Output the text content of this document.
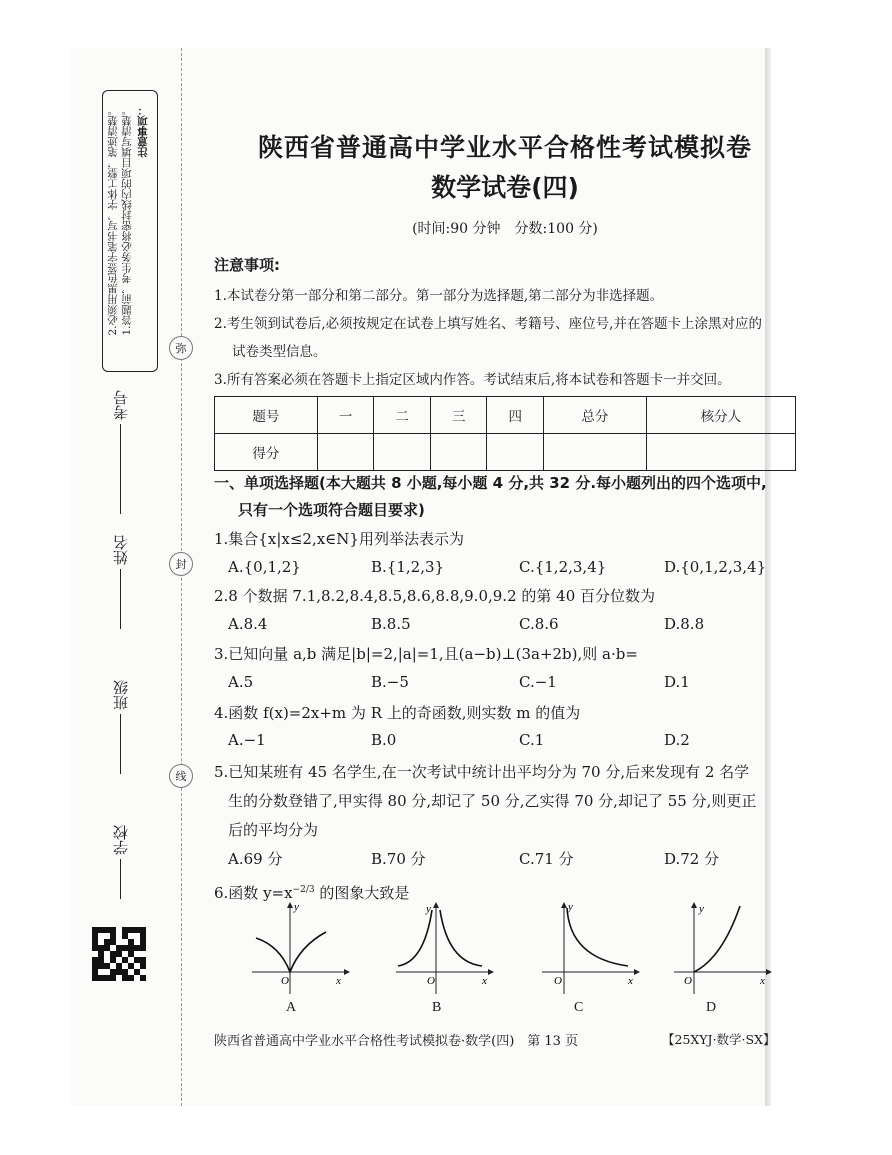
注意事项：
1.答题前，考生务必将密封线内的项目填写清楚。
2.必须用黑色签字笔书写，字体工整，笔迹清楚。
考号
姓名
班级
学校
弥
封
线
陕西省普通高中学业水平合格性考试模拟卷
数学试卷(四)
(时间:90 分钟　分数:100 分)
注意事项:
1.本试卷分第一部分和第二部分。第一部分为选择题,第二部分为非选择题。
2.考生领到试卷后,必须按规定在试卷上填写姓名、考籍号、座位号,并在答题卡上涂黑对应的
试卷类型信息。
3.所有答案必须在答题卡上指定区域内作答。考试结束后,将本试卷和答题卡一并交回。
题号	一	二	三	四	总分	核分人
得分						
一、单项选择题(本大题共 8 小题,每小题 4 分,共 32 分.每小题列出的四个选项中,
只有一个选项符合题目要求)
1.集合{x|x≤2,x∈N}用列举法表示为
A.{0,1,2}	B.{1,2,3}	C.{1,2,3,4}	D.{0,1,2,3,4}
2.8 个数据 7.1,8.2,8.4,8.5,8.6,8.8,9.0,9.2 的第 40 百分位数为
A.8.4	B.8.5	C.8.6	D.8.8
3.已知向量 a,b 满足|b|=2,|a|=1,且(a−b)⊥(3a+2b),则 a·b=
A.5	B.−5	C.−1	D.1
4.函数 f(x)=2x+m 为 R 上的奇函数,则实数 m 的值为
A.−1	B.0	C.1	D.2
5.已知某班有 45 名学生,在一次考试中统计出平均分为 70 分,后来发现有 2 名学
生的分数登错了,甲实得 80 分,却记了 50 分,乙实得 70 分,却记了 55 分,则更正
后的平均分为
A.69 分	B.70 分	C.71 分	D.72 分
6.函数 $y=x^{-2/3}$ 的图象大致是
x
y
O
A
x
y
O
B
x
y
O
C
x
y
O
D
陕西省普通高中学业水平合格性考试模拟卷·数学(四)　第 13 页	【25XYJ·数学·SX】
